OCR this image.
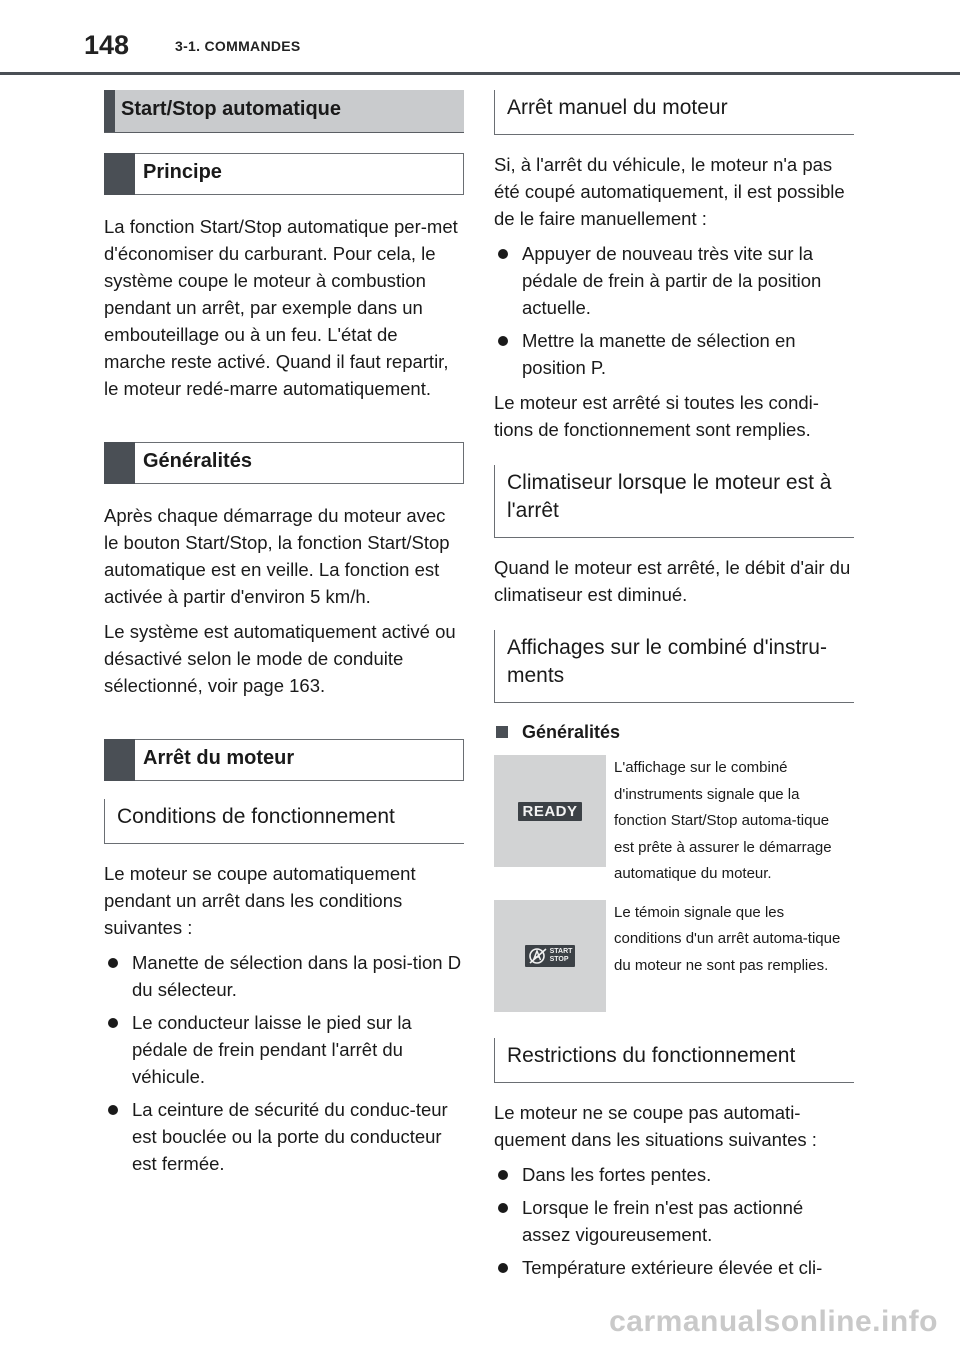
148	3-1. COMMANDES
Start/Stop automatique
Principe

La fonction Start/Stop automatique per-met d'économiser du carburant. Pour cela, le système coupe le moteur à combustion pendant un arrêt, par exemple dans un embouteillage ou à un feu. L'état de marche reste activé. Quand il faut repartir, le moteur redé-marre automatiquement.

Généralités

Après chaque démarrage du moteur avec le bouton Start/Stop, la fonction Start/Stop automatique est en veille. La fonction est activée à partir d'environ 5 km/h.

Le système est automatiquement activé ou désactivé selon le mode de conduite sélectionné, voir page 163.

Arrêt du moteur
Conditions de fonctionnement

Le moteur se coupe automatiquement pendant un arrêt dans les conditions suivantes :

Manette de sélection dans la posi-tion D du sélecteur.
Le conducteur laisse le pied sur la pédale de frein pendant l'arrêt du véhicule.
La ceinture de sécurité du conduc-teur est bouclée ou la porte du conducteur est fermée.
Arrêt manuel du moteur

Si, à l'arrêt du véhicule, le moteur n'a pas été coupé automatiquement, il est possible de le faire manuellement :

Appuyer de nouveau très vite sur la pédale de frein à partir de la position actuelle.
Mettre la manette de sélection en position P.

Le moteur est arrêté si toutes les condi-tions de fonctionnement sont remplies.

Climatiseur lorsque le moteur est à l'arrêt

Quand le moteur est arrêté, le débit d'air du climatiseur est diminué.

Affichages sur le combiné d'instru-ments
Généralités
READY
L'affichage sur le combiné d'instruments signale que la fonction Start/Stop automa-tique est prête à assurer le démarrage automatique du moteur.
START
STOP
Le témoin signale que les conditions d'un arrêt automa-tique du moteur ne sont pas remplies.
Restrictions du fonctionnement

Le moteur ne se coupe pas automati-quement dans les situations suivantes :

Dans les fortes pentes.
Lorsque le frein n'est pas actionné assez vigoureusement.
Température extérieure élevée et cli-
carmanualsonline.info
